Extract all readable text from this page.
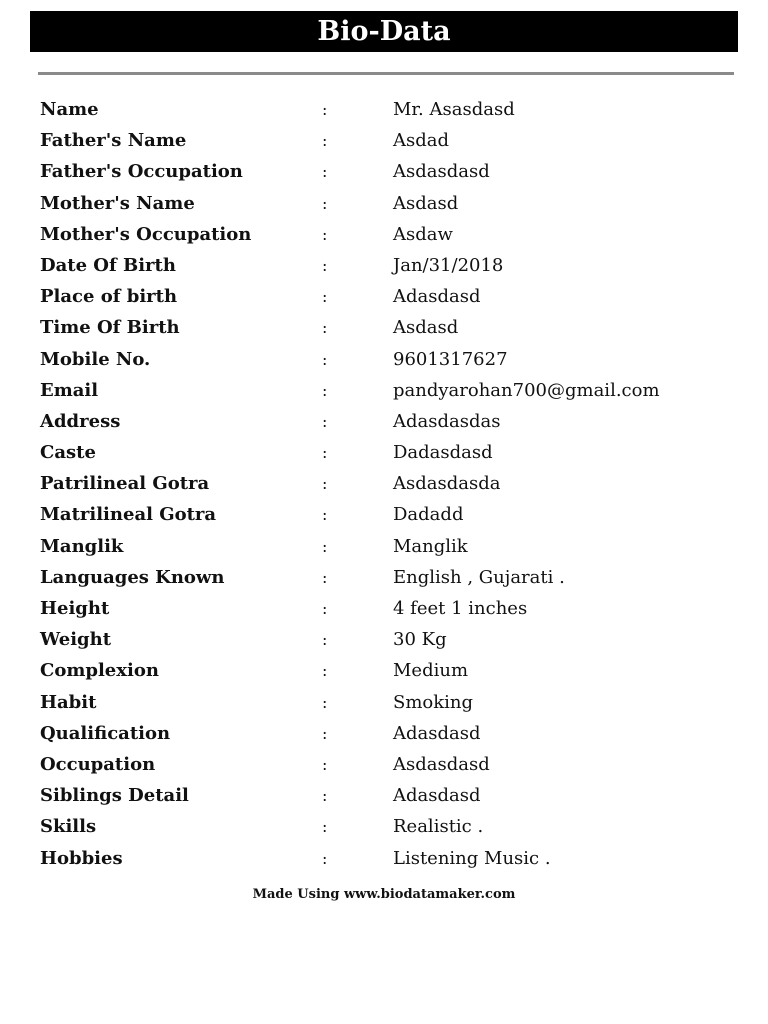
Bio-Data
Name	:	Mr. Asasdasd
Father's Name	:	Asdad
Father's Occupation	:	Asdasdasd
Mother's Name	:	Asdasd
Mother's Occupation	:	Asdaw
Date Of Birth	:	Jan/31/2018
Place of birth	:	Adasdasd
Time Of Birth	:	Asdasd
Mobile No.	:	9601317627
Email	:	pandyarohan700@gmail.com
Address	:	Adasdasdas
Caste	:	Dadasdasd
Patrilineal Gotra	:	Asdasdasda
Matrilineal Gotra	:	Dadadd
Manglik	:	Manglik
Languages Known	:	English , Gujarati .
Height	:	4 feet 1 inches
Weight	:	30 Kg
Complexion	:	Medium
Habit	:	Smoking
Qualification	:	Adasdasd
Occupation	:	Asdasdasd
Siblings Detail	:	Adasdasd
Skills	:	Realistic .
Hobbies	:	Listening Music .
Made Using www.biodatamaker.com
